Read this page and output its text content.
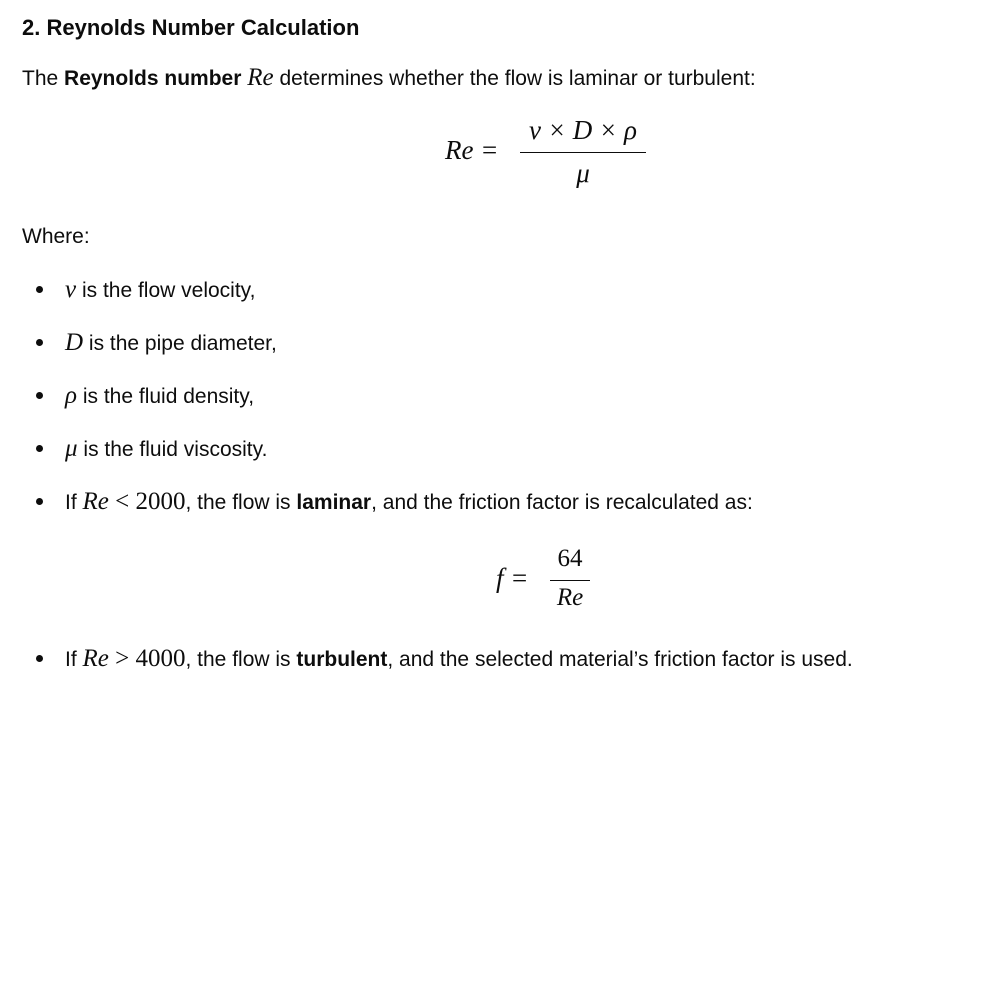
2. Reynolds Number Calculation
The Reynolds number Re determines whether the flow is laminar or turbulent:
Re =
v × D × ρ
μ
Where:
v is the flow velocity,
D is the pipe diameter,
ρ is the fluid density,
μ is the fluid viscosity.
If Re < 2000, the flow is laminar, and the friction factor is recalculated as:
f =
64
Re
If Re > 4000, the flow is turbulent, and the selected material’s friction factor is used.
